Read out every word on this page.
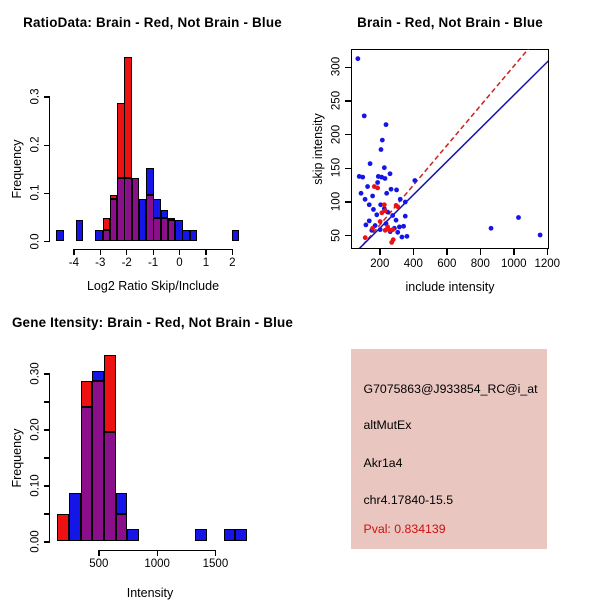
RatioData: Brain - Red, Not Brain - Blue
Log2 Ratio Skip/Include
Frequency
0.0
0.1
0.2
0.3
-4	-3	-2	-1	0	1	2
Brain - Red, Not Brain - Blue
include intensity
skip intensity
200	400	600	800 1000 1200
50
100
150
200
250
300
Gene Itensity: Brain - Red, Not Brain - Blue
Intensity
Frequency
0.00
0.10
0.20
0.30
500	1000	1500
G7075863@J933854_RC@i_at
altMutEx
Akr1a4
chr4.17840-15.5
Pval: 0.834139
